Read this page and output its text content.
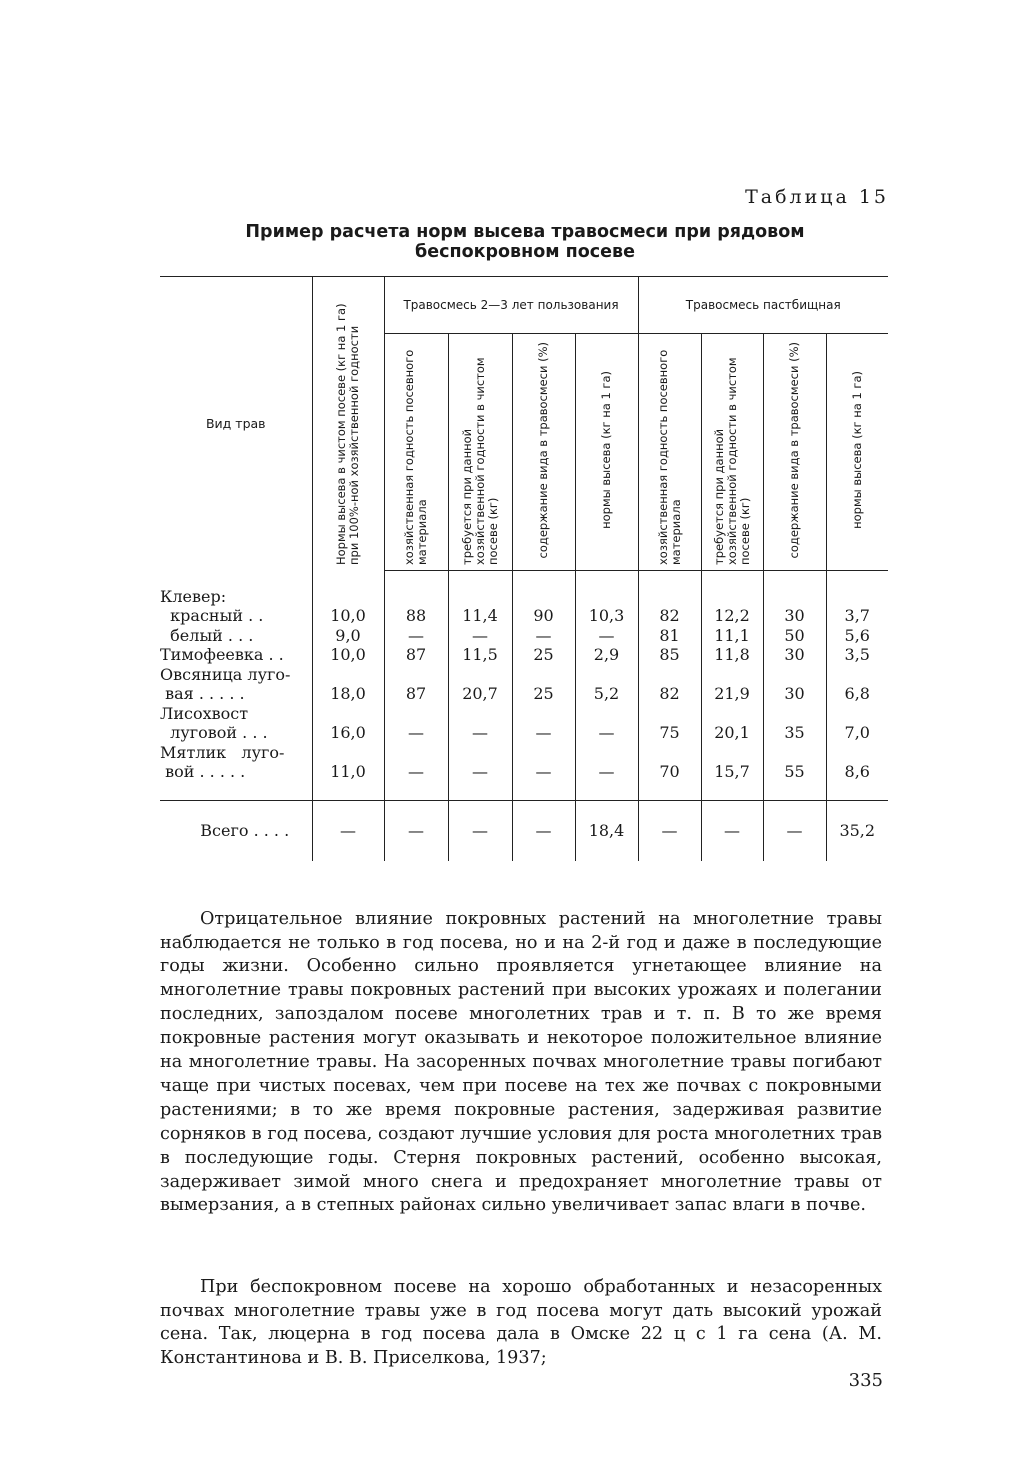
Таблица 15
Пример расчета норм высева травосмеси при рядовом
беспокровном посеве
Вид трав	Нормы высева в чистом посеве (кг на 1 га) при 100%-ной хозяйственной годности	Травосмесь 2—3 лет пользования				Травосмесь пастбищная			
		хозяйственная годность посевного материала	требуется при данной хозяйственной годности в чистом посеве (кг)	содержание вида в травосмеси (%)	нормы высева (кг на 1 га)	хозяйственная годность посевного материала	требуется при данной хозяйственной годности в чистом посеве (кг)	содержание вида в травосмеси (%)	нормы высева (кг на 1 га)
Клевер:
красный . .	10,0	88	11,4	90	10,3	82	12,2	30	3,7
белый . . .	9,0	—	—	—	—	81	11,1	50	5,6
Тимофеевка . .	10,0	87	11,5	25	2,9	85	11,8	30	3,5
Овсяница луго-
вая . . . . .	18,0	87	20,7	25	5,2	82	21,9	30	6,8
Лисохвост
луговой . . .	16,0	—	—	—	—	75	20,1	35	7,0
Мятлик   луго-
вой . . . . .	11,0	—	—	—	—	70	15,7	55	8,6
Всего . . . .	—	—	—	—	18,4	—	—	—	35,2

Отрицательное влияние покровных растений на многолетние травы наблюдается не только в год посева, но и на 2-й год и даже в последующие годы жизни. Особенно сильно проявляется угнетающее влияние на многолетние травы покровных растений при высоких урожаях и полегании последних, запоздалом посеве многолетних трав и т. п. В то же время покровные растения могут оказывать и некоторое положительное влияние на многолетние травы. На засоренных почвах многолетние травы погибают чаще при чистых посевах, чем при посеве на тех же почвах с покровными растениями; в то же время покровные растения, задерживая развитие сорняков в год посева, создают лучшие условия для роста многолетних трав в последующие годы. Стерня покровных растений, особенно высокая, задерживает зимой много снега и предохраняет многолетние травы от вымерзания, а в степных районах сильно увеличивает запас влаги в почве.

При беспокровном посеве на хорошо обработанных и незасоренных почвах многолетние травы уже в год посева могут дать высокий урожай сена. Так, люцерна в год посева дала в Омске 22 ц с 1 га сена (А. М. Константинова и В. В. Приселкова, 1937;

335
